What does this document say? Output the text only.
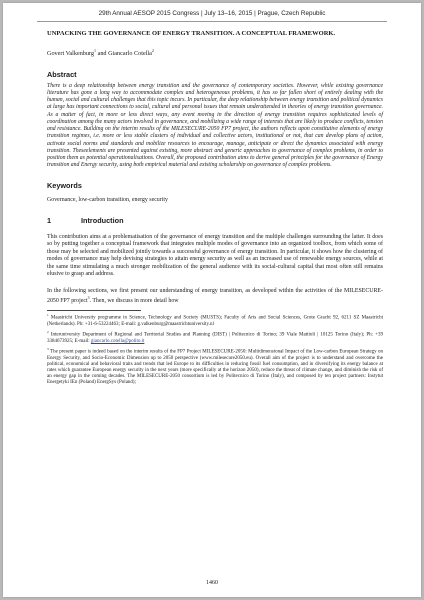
29th Annual AESOP 2015 Congress | July 13–16, 2015 | Prague, Czech Republic

UNPACKING THE GOVERNANCE OF ENERGY TRANSITION. A CONCEPTUAL FRAMEWORK.

Govert Valkenburg$^1$ and Giancarlo Cotella$^2$
Abstract

There is a deep relationship between energy transition and the governance of contemporary societies. However, while existing governance literature has gone a long way to accommodate complex and heterogeneous problems, it has so far fallen short of entirely dealing with the human, social and cultural challenges that this topic incurs. In particular, the deep relationship between energy transition and political dynamics at large has important connections to social, cultural and personal issues that remain underattended in theories of energy transition governance. As a matter of fact, in more or less direct ways, any event moving in the direction of energy transition requires sophisticated levels of coordination among the many actors involved in governance, and mobilizing a wide range of interests that are likely to produce conflicts, tension and resistance. Building on the interim results of the MILESECURE-2050 FP7 project, the authors reflects upon constitutive elements of energy transition regimes, i.e. more or less stable clusters of individual and collective actors, institutional or not, that can develop plans of action, activate social norms and standards and mobilize resources to encourage, manage, anticipate or direct the dynamics associated with energy transition. Theseelements are presented against existing, more abstract and generic approaches to governance of complex problems, in order to position them as potential operationalisations. Overall, the proposed contribution aims to derive general principles for the governance of Energy transition and Energy security, using both empirical material and existing scholarship on governance of complex problems.

Keywords
Governance, low-carbon transition, energy security
1	Introduction

This contribution aims at a problematisation of the governance of energy transition and the multiple challenges surrounding the latter. It does so by putting together a conceptual framework that integrates multiple modes of governance into an organized toolbox, from which some of those may be selected and mobilized jointly towards a successful governance of energy transition. In particular, it shows how the clustering of modes of governance may help devising strategies to attain energy security as well as an increased use of renewable energy sources, while at the same time stimulating a much stronger mobilization of the general audience with its social-cultural capital that most often still remains elusive to grasp and address.

In the following sections, we first present our understanding of energy transition, as developed within the activities of the MILESECURE-2050 FP7 project$^3$. Then, we discuss in more detail how

$^1$ Maastricht University programme in Science, Technology and Society (MUSTS); Faculty of Arts and Social Sciences, Grote Gracht 92, 6211 SZ Maastricht (Netherlands). Ph: +31-6-53224463; E-mail: g.valkenburg@maastrichtuniversity.nl

$^2$ Interuniversity Department of Regional and Territorial Studies and Planning (DIST) | Politecnico di Torino; 39 Viale Mattioli | 10125 Torino (Italy); Ph: +39 3384673925; E-mail: giancarlo.cotella@polito.it

$^3$ The present paper is indeed based on the interim results of the FP7 Project MILESECURE-2050: Multidimensional Impact of the Low-carbon European Strategy on Energy Security, and Socio-Economic Dimension up to 2050 perspective (www.milesecure2050.eu). Overall aim of the project is to understand and overcome the political, economical and behavioral traits and trends that led Europe to its difficulties in reducing fossil fuel consumption, and in diversifying its energy balance at rates which guarantee European energy security in the next years (more specifically at the horizon 2050), reduce the threat of climate change, and diminish the risk of an energy gap in the coming decades. The MILESECURE-2050 consortium is led by Politecnico di Torino (Italy), and composed by ten project partners: Instytut Energetyki IEn (Poland) EnergSys (Poland);

1460
